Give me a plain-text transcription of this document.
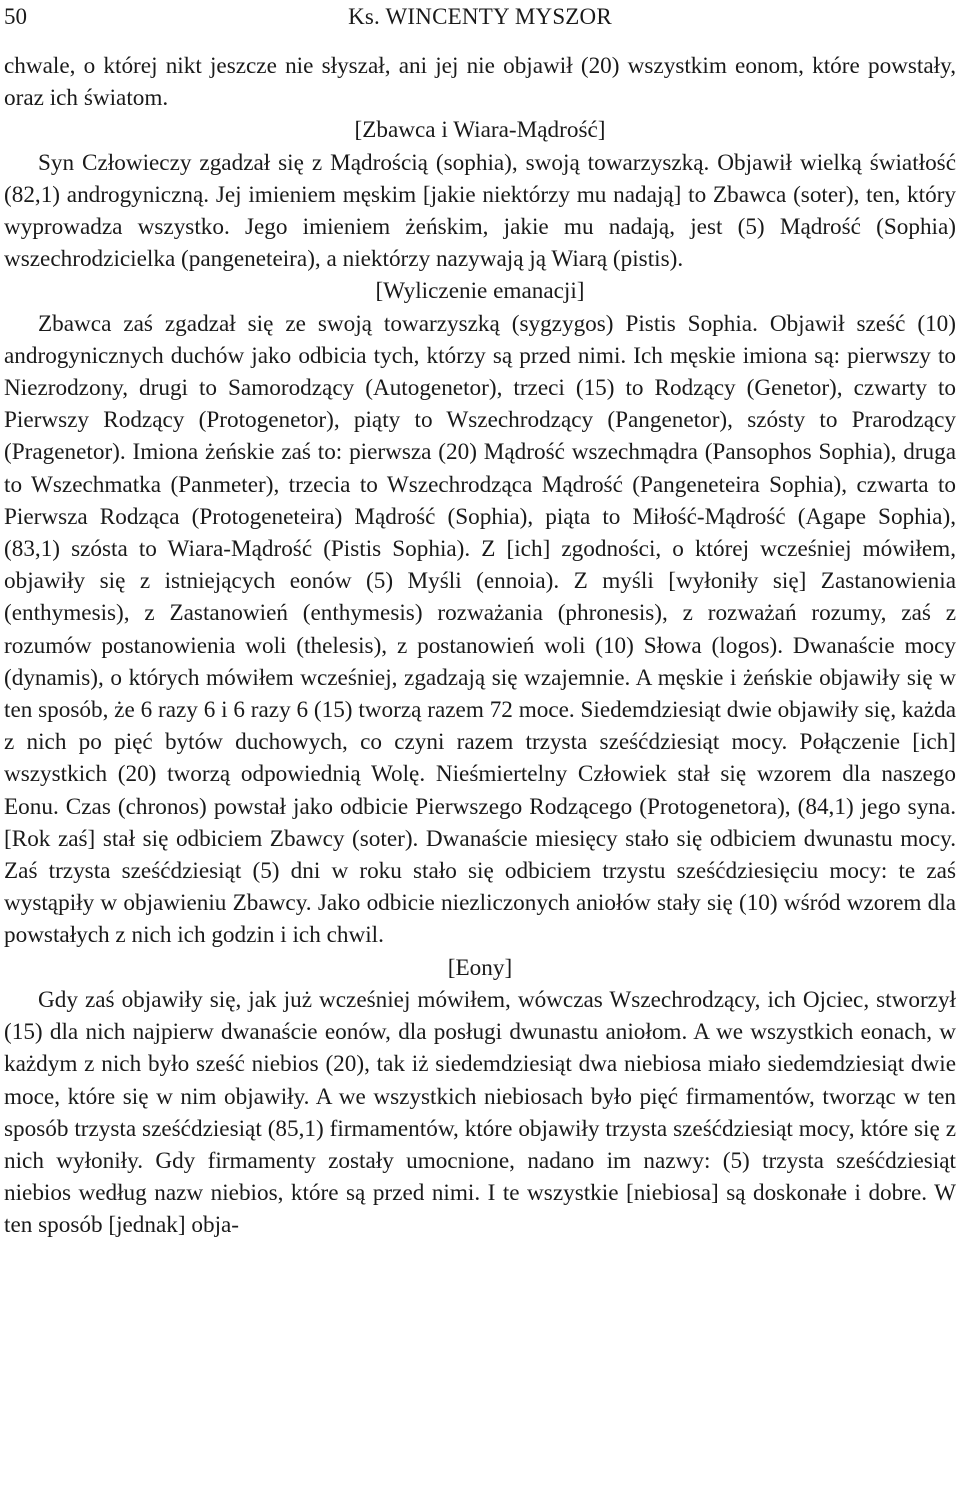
50	Ks. WINCENTY MYSZOR

chwale, o której nikt jeszcze nie słyszał, ani jej nie objawił (20) wszystkim eonom, które powstały, oraz ich światom.

[Zbawca i Wiara-Mądrość]

Syn Człowieczy zgadzał się z Mądrością (sophia), swoją towarzyszką. Objawił wielką światłość (82,1) androgyniczną. Jej imieniem męskim [jakie niektórzy mu nadają] to Zbawca (soter), ten, który wyprowadza wszystko. Jego imieniem żeńskim, jakie mu nadają, jest (5) Mądrość (Sophia) wszechrodzicielka (pangeneteira), a niektórzy nazywają ją Wiarą (pistis).

[Wyliczenie emanacji]

Zbawca zaś zgadzał się ze swoją towarzyszką (sygzygos) Pistis Sophia. Objawił sześć (10) androgynicznych duchów jako odbicia tych, którzy są przed nimi. Ich męskie imiona są: pierwszy to Niezrodzony, drugi to Samorodzący (Autogenetor), trzeci (15) to Rodzący (Genetor), czwarty to Pierwszy Rodzący (Protogenetor), piąty to Wszechrodzący (Pangenetor), szósty to Prarodzący (Pragenetor). Imiona żeńskie zaś to: pierwsza (20) Mądrość wszechmądra (Pansophos Sophia), druga to Wszechmatka (Panmeter), trzecia to Wszechrodząca Mądrość (Pangeneteira Sophia), czwarta to Pierwsza Rodząca (Protogeneteira) Mądrość (Sophia), piąta to Miłość-Mądrość (Agape Sophia), (83,1) szósta to Wiara-Mądrość (Pistis Sophia). Z [ich] zgodności, o której wcześniej mówiłem, objawiły się z istniejących eonów (5) Myśli (ennoia). Z myśli [wyłoniły się] Zastanowienia (enthymesis), z Zastanowień (enthymesis) rozważania (phronesis), z rozważań rozumy, zaś z rozumów postanowienia woli (thelesis), z postanowień woli (10) Słowa (logos). Dwanaście mocy (dynamis), o których mówiłem wcześniej, zgadzają się wzajemnie. A męskie i żeńskie objawiły się w ten sposób, że 6 razy 6 i 6 razy 6 (15) tworzą razem 72 moce. Siedemdziesiąt dwie objawiły się, każda z nich po pięć bytów duchowych, co czyni razem trzysta sześćdziesiąt mocy. Połączenie [ich] wszystkich (20) tworzą odpowiednią Wolę. Nieśmiertelny Człowiek stał się wzorem dla naszego Eonu. Czas (chronos) powstał jako odbicie Pierwszego Rodzącego (Protogenetora), (84,1) jego syna. [Rok zaś] stał się odbiciem Zbawcy (soter). Dwanaście miesięcy stało się odbiciem dwunastu mocy. Zaś trzysta sześćdziesiąt (5) dni w roku stało się odbiciem trzystu sześćdziesięciu mocy: te zaś wystąpiły w objawieniu Zbawcy. Jako odbicie niezliczonych aniołów stały się (10) wśród wzorem dla powstałych z nich ich godzin i ich chwil.

[Eony]

Gdy zaś objawiły się, jak już wcześniej mówiłem, wówczas Wszechrodzący, ich Ojciec, stworzył (15) dla nich najpierw dwanaście eonów, dla posługi dwunastu aniołom. A we wszystkich eonach, w każdym z nich było sześć niebios (20), tak iż siedemdziesiąt dwa niebiosa miało siedemdziesiąt dwie moce, które się w nim objawiły. A we wszystkich niebiosach było pięć firmamentów, tworząc w ten sposób trzysta sześćdziesiąt (85,1) firmamentów, które objawiły trzysta sześćdziesiąt mocy, które się z nich wyłoniły. Gdy firmamenty zostały umocnione, nadano im nazwy: (5) trzysta sześćdziesiąt niebios według nazw niebios, które są przed nimi. I te wszystkie [niebiosa] są doskonałe i dobre. W ten sposób [jednak] obja-
